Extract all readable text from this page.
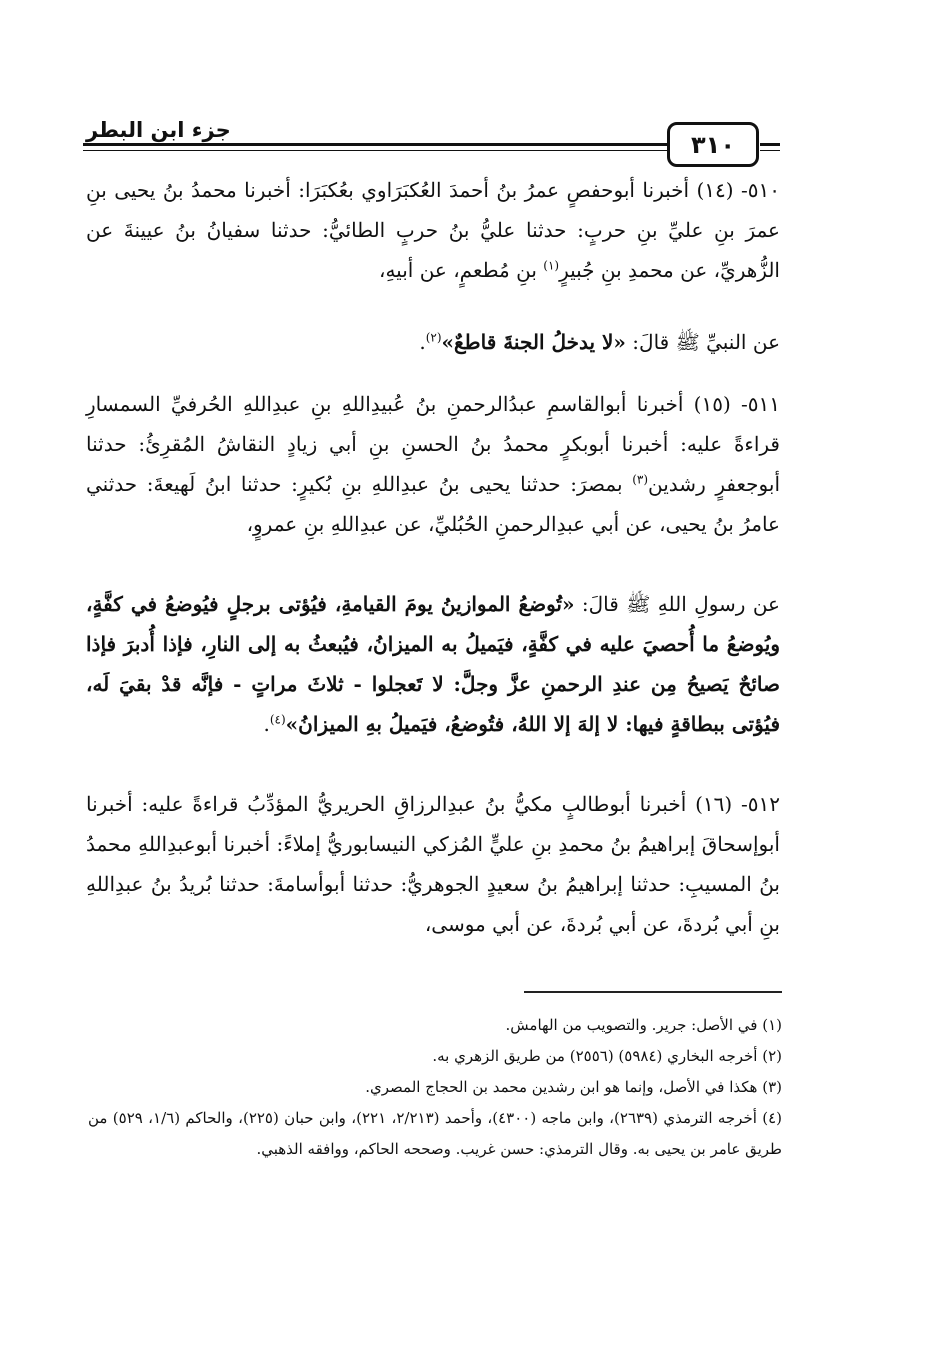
جزء ابن البطر
٣١٠
٥١٠- (١٤) أخبرنا أبوحفصٍ عمرُ بنُ أحمدَ العُكبَرَاوي بعُكبَرَا: أخبرنا محمدُ بنُ يحيى بنِ عمرَ بنِ عليِّ بنِ حربٍ: حدثنا عليُّ بنُ حربٍ الطائيُّ: حدثنا سفيانُ بنُ عيينةَ عن الزُّهريِّ، عن محمدِ بنِ جُبيرٍ$^{(١)}$ بنِ مُطعمٍ، عن أبيهِ،
عن النبيِّ ﷺ قالَ: «لا يدخلُ الجنةَ قاطعٌ»$^{(٢)}$.
٥١١- (١٥) أخبرنا أبوالقاسمِ عبدُالرحمنِ بنُ عُبيدِاللهِ بنِ عبدِاللهِ الحُرفيِّ السمسارِ قراءةً عليه: أخبرنا أبوبكرٍ محمدُ بنُ الحسنِ بنِ أبي زيادٍ النقاشُ المُقرِئُ: حدثنا أبوجعفرٍ رشدين$^{(٣)}$ بمصرَ: حدثنا يحيى بنُ عبدِاللهِ بنِ بُكيرٍ: حدثنا ابنُ لَهيعةَ: حدثني عامرُ بنُ يحيى، عن أبي عبدِالرحمنِ الحُبُليِّ، عن عبدِاللهِ بنِ عمروٍ،
عن رسولِ اللهِ ﷺ قالَ: «تُوضعُ الموازينُ يومَ القيامةِ، فيُؤتى برجلٍ فيُوضعُ في كفَّةٍ، ويُوضعُ ما أُحصيَ عليه في كفَّةٍ، فيَميلُ به الميزانُ، فيُبعثُ به إلى النارِ، فإذا أُدبرَ فإذا صائحٌ يَصيحُ مِن عندِ الرحمنِ عزَّ وجلَّ: لا تَعجلوا - ثلاثَ مراتٍ - فإنَّه قدْ بقيَ لَه، فيُؤتى ببطاقةٍ فيها: لا إلهَ إلا اللهُ، فتُوضعُ، فيَميلُ بهِ الميزانُ»$^{(٤)}$.
٥١٢- (١٦) أخبرنا أبوطالبٍ مكيُّ بنُ عبدِالرزاقِ الحريريُّ المؤدِّبُ قراءةً عليه: أخبرنا أبوإسحاقَ إبراهيمُ بنُ محمدِ بنِ عليٍّ المُزكي النيسابوريُّ إملاءً: أخبرنا أبوعبدِاللهِ محمدُ بنُ المسيبِ: حدثنا إبراهيمُ بنُ سعيدٍ الجوهريُّ: حدثنا أبوأسامةَ: حدثنا بُريدُ بنُ عبدِاللهِ بنِ أبي بُردةَ، عن أبي بُردةَ، عن أبي موسى،
(١) في الأصل: جرير. والتصويب من الهامش.
(٢) أخرجه البخاري (٥٩٨٤) (٢٥٥٦) من طريق الزهري به.
(٣) هكذا في الأصل، وإنما هو ابن رشدين محمد بن الحجاج المصري.
(٤) أخرجه الترمذي (٢٦٣٩)، وابن ماجه (٤٣٠٠)، وأحمد (٢/٢١٣، ٢٢١)، وابن حبان (٢٢٥)، والحاكم (١/٦، ٥٢٩) من طريق عامر بن يحيى به. وقال الترمذي: حسن غريب. وصححه الحاكم، ووافقه الذهبي.
